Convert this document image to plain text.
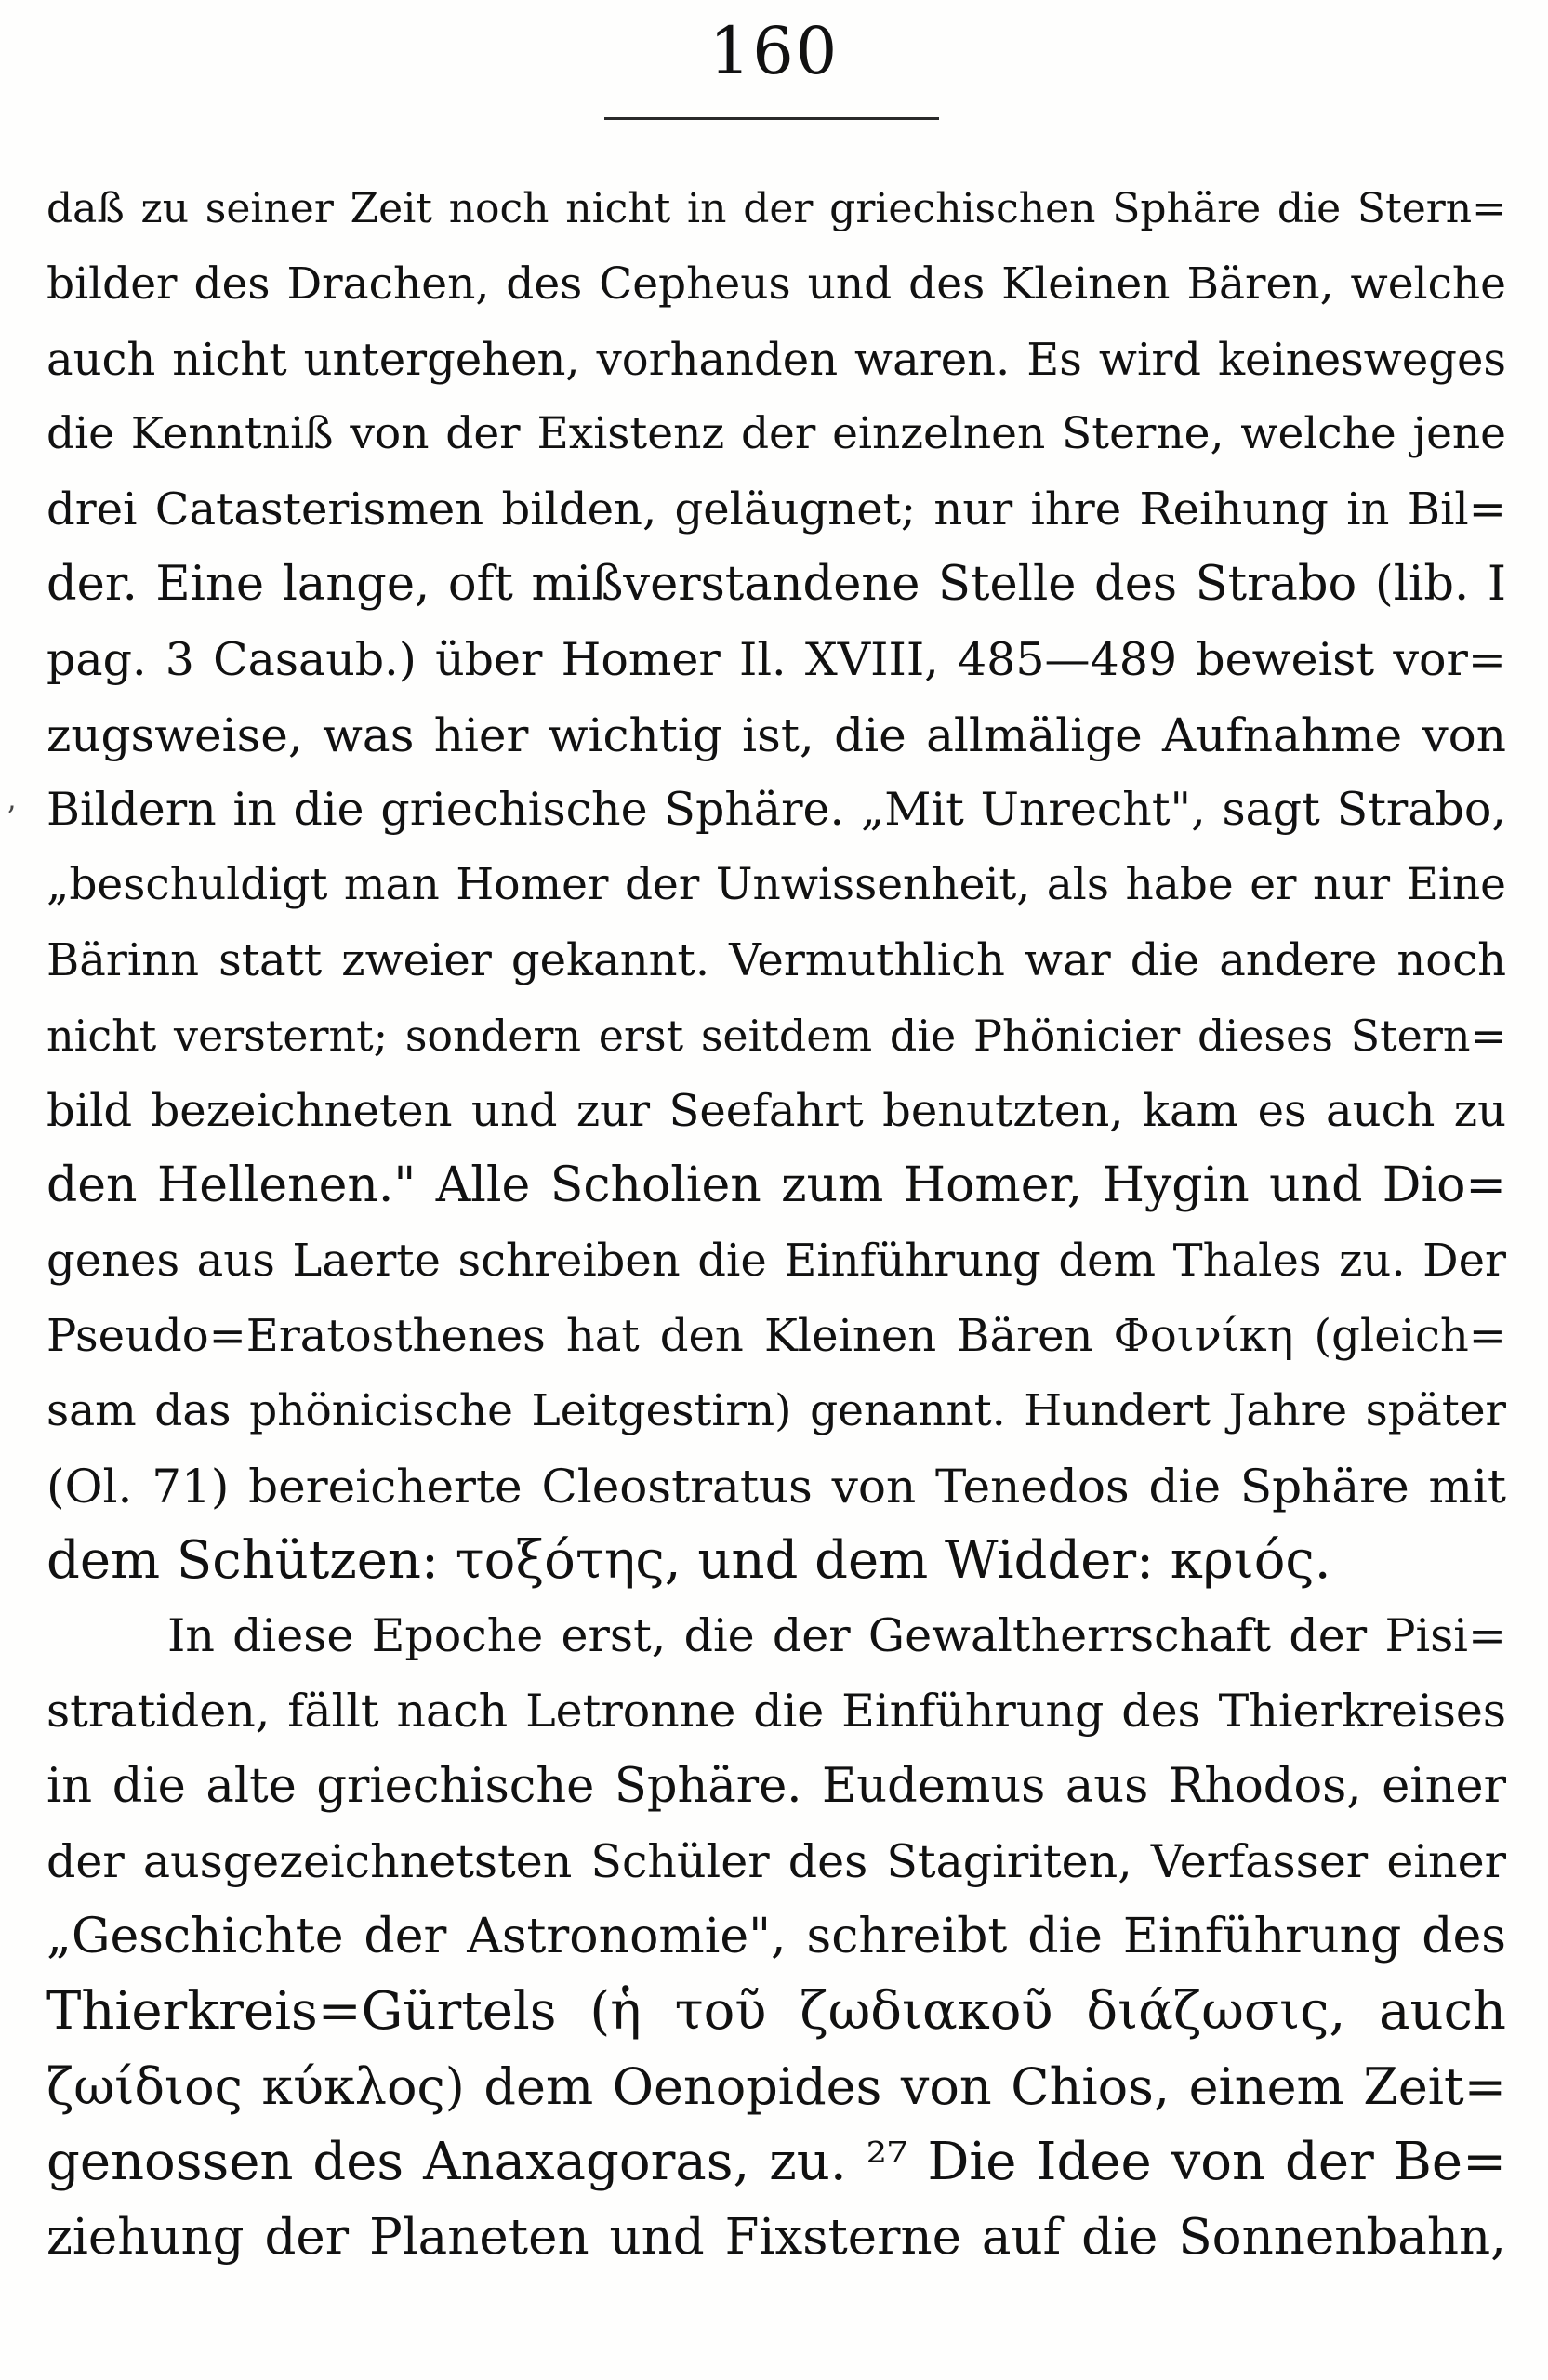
160
ʼ
daß zu seiner Zeit noch nicht in der griechischen Sphäre die Stern=
bilder des Drachen, des Cepheus und des Kleinen Bären, welche
auch nicht untergehen, vorhanden waren. Es wird keinesweges
die Kenntniß von der Existenz der einzelnen Sterne, welche jene
drei Catasterismen bilden, geläugnet; nur ihre Reihung in Bil=
der. Eine lange, oft mißverstandene Stelle des Strabo (lib. I
pag. 3 Casaub.) über Homer Il. XVIII, 485—489 beweist vor=
zugsweise, was hier wichtig ist, die allmälige Aufnahme von
Bildern in die griechische Sphäre. „Mit Unrecht", sagt Strabo,
„beschuldigt man Homer der Unwissenheit, als habe er nur Eine
Bärinn statt zweier gekannt. Vermuthlich war die andere noch
nicht versternt; sondern erst seitdem die Phönicier dieses Stern=
bild bezeichneten und zur Seefahrt benutzten, kam es auch zu
den Hellenen." Alle Scholien zum Homer, Hygin und Dio=
genes aus Laerte schreiben die Einführung dem Thales zu. Der
Pseudo=Eratosthenes hat den Kleinen Bären Φοινίκη (gleich=
sam das phönicische Leitgestirn) genannt. Hundert Jahre später
(Ol. 71) bereicherte Cleostratus von Tenedos die Sphäre mit
dem Schützen: τοξότης, und dem Widder: κριός.
In diese Epoche erst, die der Gewaltherrschaft der Pisi=
stratiden, fällt nach Letronne die Einführung des Thierkreises
in die alte griechische Sphäre. Eudemus aus Rhodos, einer
der ausgezeichnetsten Schüler des Stagiriten, Verfasser einer
„Geschichte der Astronomie", schreibt die Einführung des
Thierkreis=Gürtels (ἡ τοῦ ζωδιακοῦ διάζωσις, auch
ζωίδιος κύκλος) dem Oenopides von Chios, einem Zeit=
genossen des Anaxagoras, zu. ²⁷ Die Idee von der Be=
ziehung der Planeten und Fixsterne auf die Sonnenbahn,
